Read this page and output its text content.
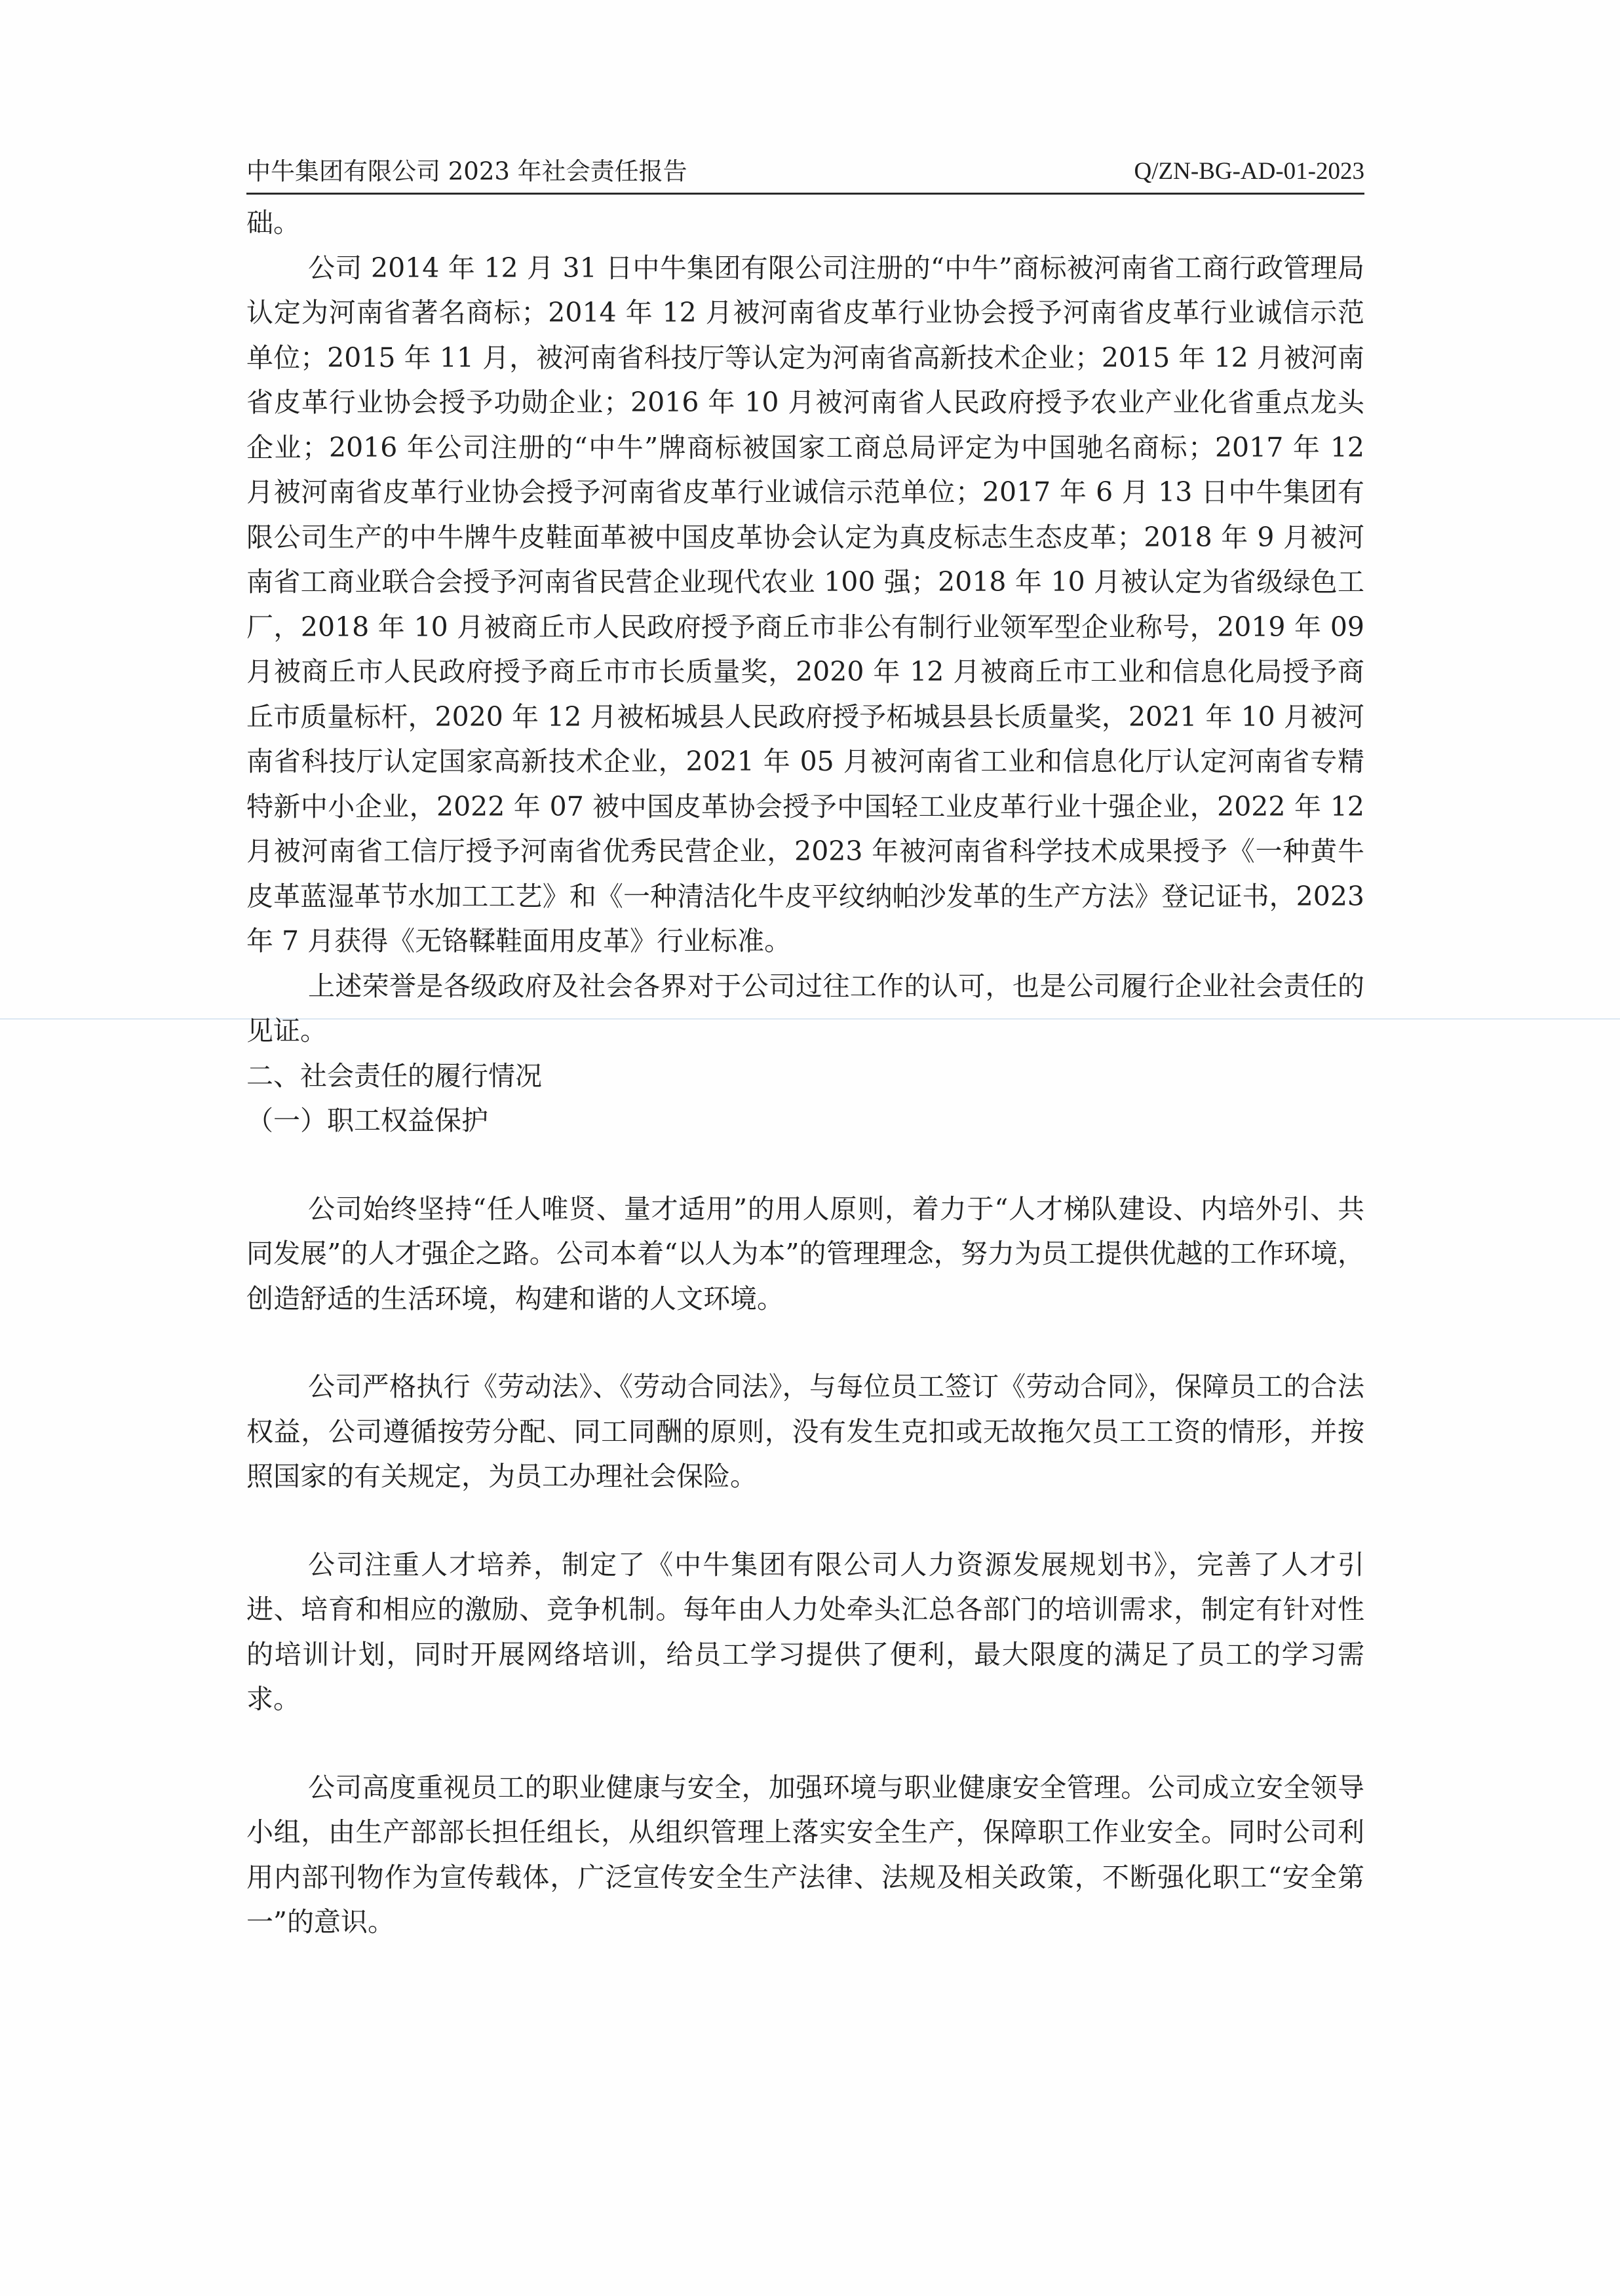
中牛集团有限公司 2023 年社会责任报告	Q/ZN-BG-AD-01-2023

础。

公司 2014 年 12 月 31 日中牛集团有限公司注册的“中牛”商标被河南省工商行政管理局认定为河南省著名商标；2014 年 12 月被河南省皮革行业协会授予河南省皮革行业诚信示范单位；2015 年 11 月，被河南省科技厅等认定为河南省高新技术企业；2015 年 12 月被河南省皮革行业协会授予功勋企业；2016 年 10 月被河南省人民政府授予农业产业化省重点龙头企业；2016 年公司注册的“中牛”牌商标被国家工商总局评定为中国驰名商标；2017 年 12 月被河南省皮革行业协会授予河南省皮革行业诚信示范单位；2017 年 6 月 13 日中牛集团有限公司生产的中牛牌牛皮鞋面革被中国皮革协会认定为真皮标志生态皮革；2018 年 9 月被河南省工商业联合会授予河南省民营企业现代农业 100 强；2018 年 10 月被认定为省级绿色工厂，2018 年 10 月被商丘市人民政府授予商丘市非公有制行业领军型企业称号，2019 年 09 月被商丘市人民政府授予商丘市市长质量奖，2020 年 12 月被商丘市工业和信息化局授予商丘市质量标杆，2020 年 12 月被柘城县人民政府授予柘城县县长质量奖，2021 年 10 月被河南省科技厅认定国家高新技术企业，2021 年 05 月被河南省工业和信息化厅认定河南省专精特新中小企业，2022 年 07 被中国皮革协会授予中国轻工业皮革行业十强企业，2022 年 12 月被河南省工信厅授予河南省优秀民营企业，2023 年被河南省科学技术成果授予《一种黄牛皮革蓝湿革节水加工工艺》和《一种清洁化牛皮平纹纳帕沙发革的生产方法》登记证书，2023 年 7 月获得《无铬鞣鞋面用皮革》行业标准。

上述荣誉是各级政府及社会各界对于公司过往工作的认可，也是公司履行企业社会责任的见证。

二、社会责任的履行情况

（一）职工权益保护

公司始终坚持“任人唯贤、量才适用”的用人原则，着力于“人才梯队建设、内培外引、共同发展”的人才强企之路。公司本着“以人为本”的管理理念，努力为员工提供优越的工作环境，创造舒适的生活环境，构建和谐的人文环境。

公司严格执行《劳动法》、《劳动合同法》，与每位员工签订《劳动合同》，保障员工的合法权益，公司遵循按劳分配、同工同酬的原则，没有发生克扣或无故拖欠员工工资的情形，并按照国家的有关规定，为员工办理社会保险。

公司注重人才培养，制定了《中牛集团有限公司人力资源发展规划书》，完善了人才引进、培育和相应的激励、竞争机制。每年由人力处牵头汇总各部门的培训需求，制定有针对性的培训计划，同时开展网络培训，给员工学习提供了便利，最大限度的满足了员工的学习需求。

公司高度重视员工的职业健康与安全，加强环境与职业健康安全管理。公司成立安全领导小组，由生产部部长担任组长，从组织管理上落实安全生产，保障职工作业安全。同时公司利用内部刊物作为宣传载体，广泛宣传安全生产法律、法规及相关政策，不断强化职工“安全第一”的意识。
